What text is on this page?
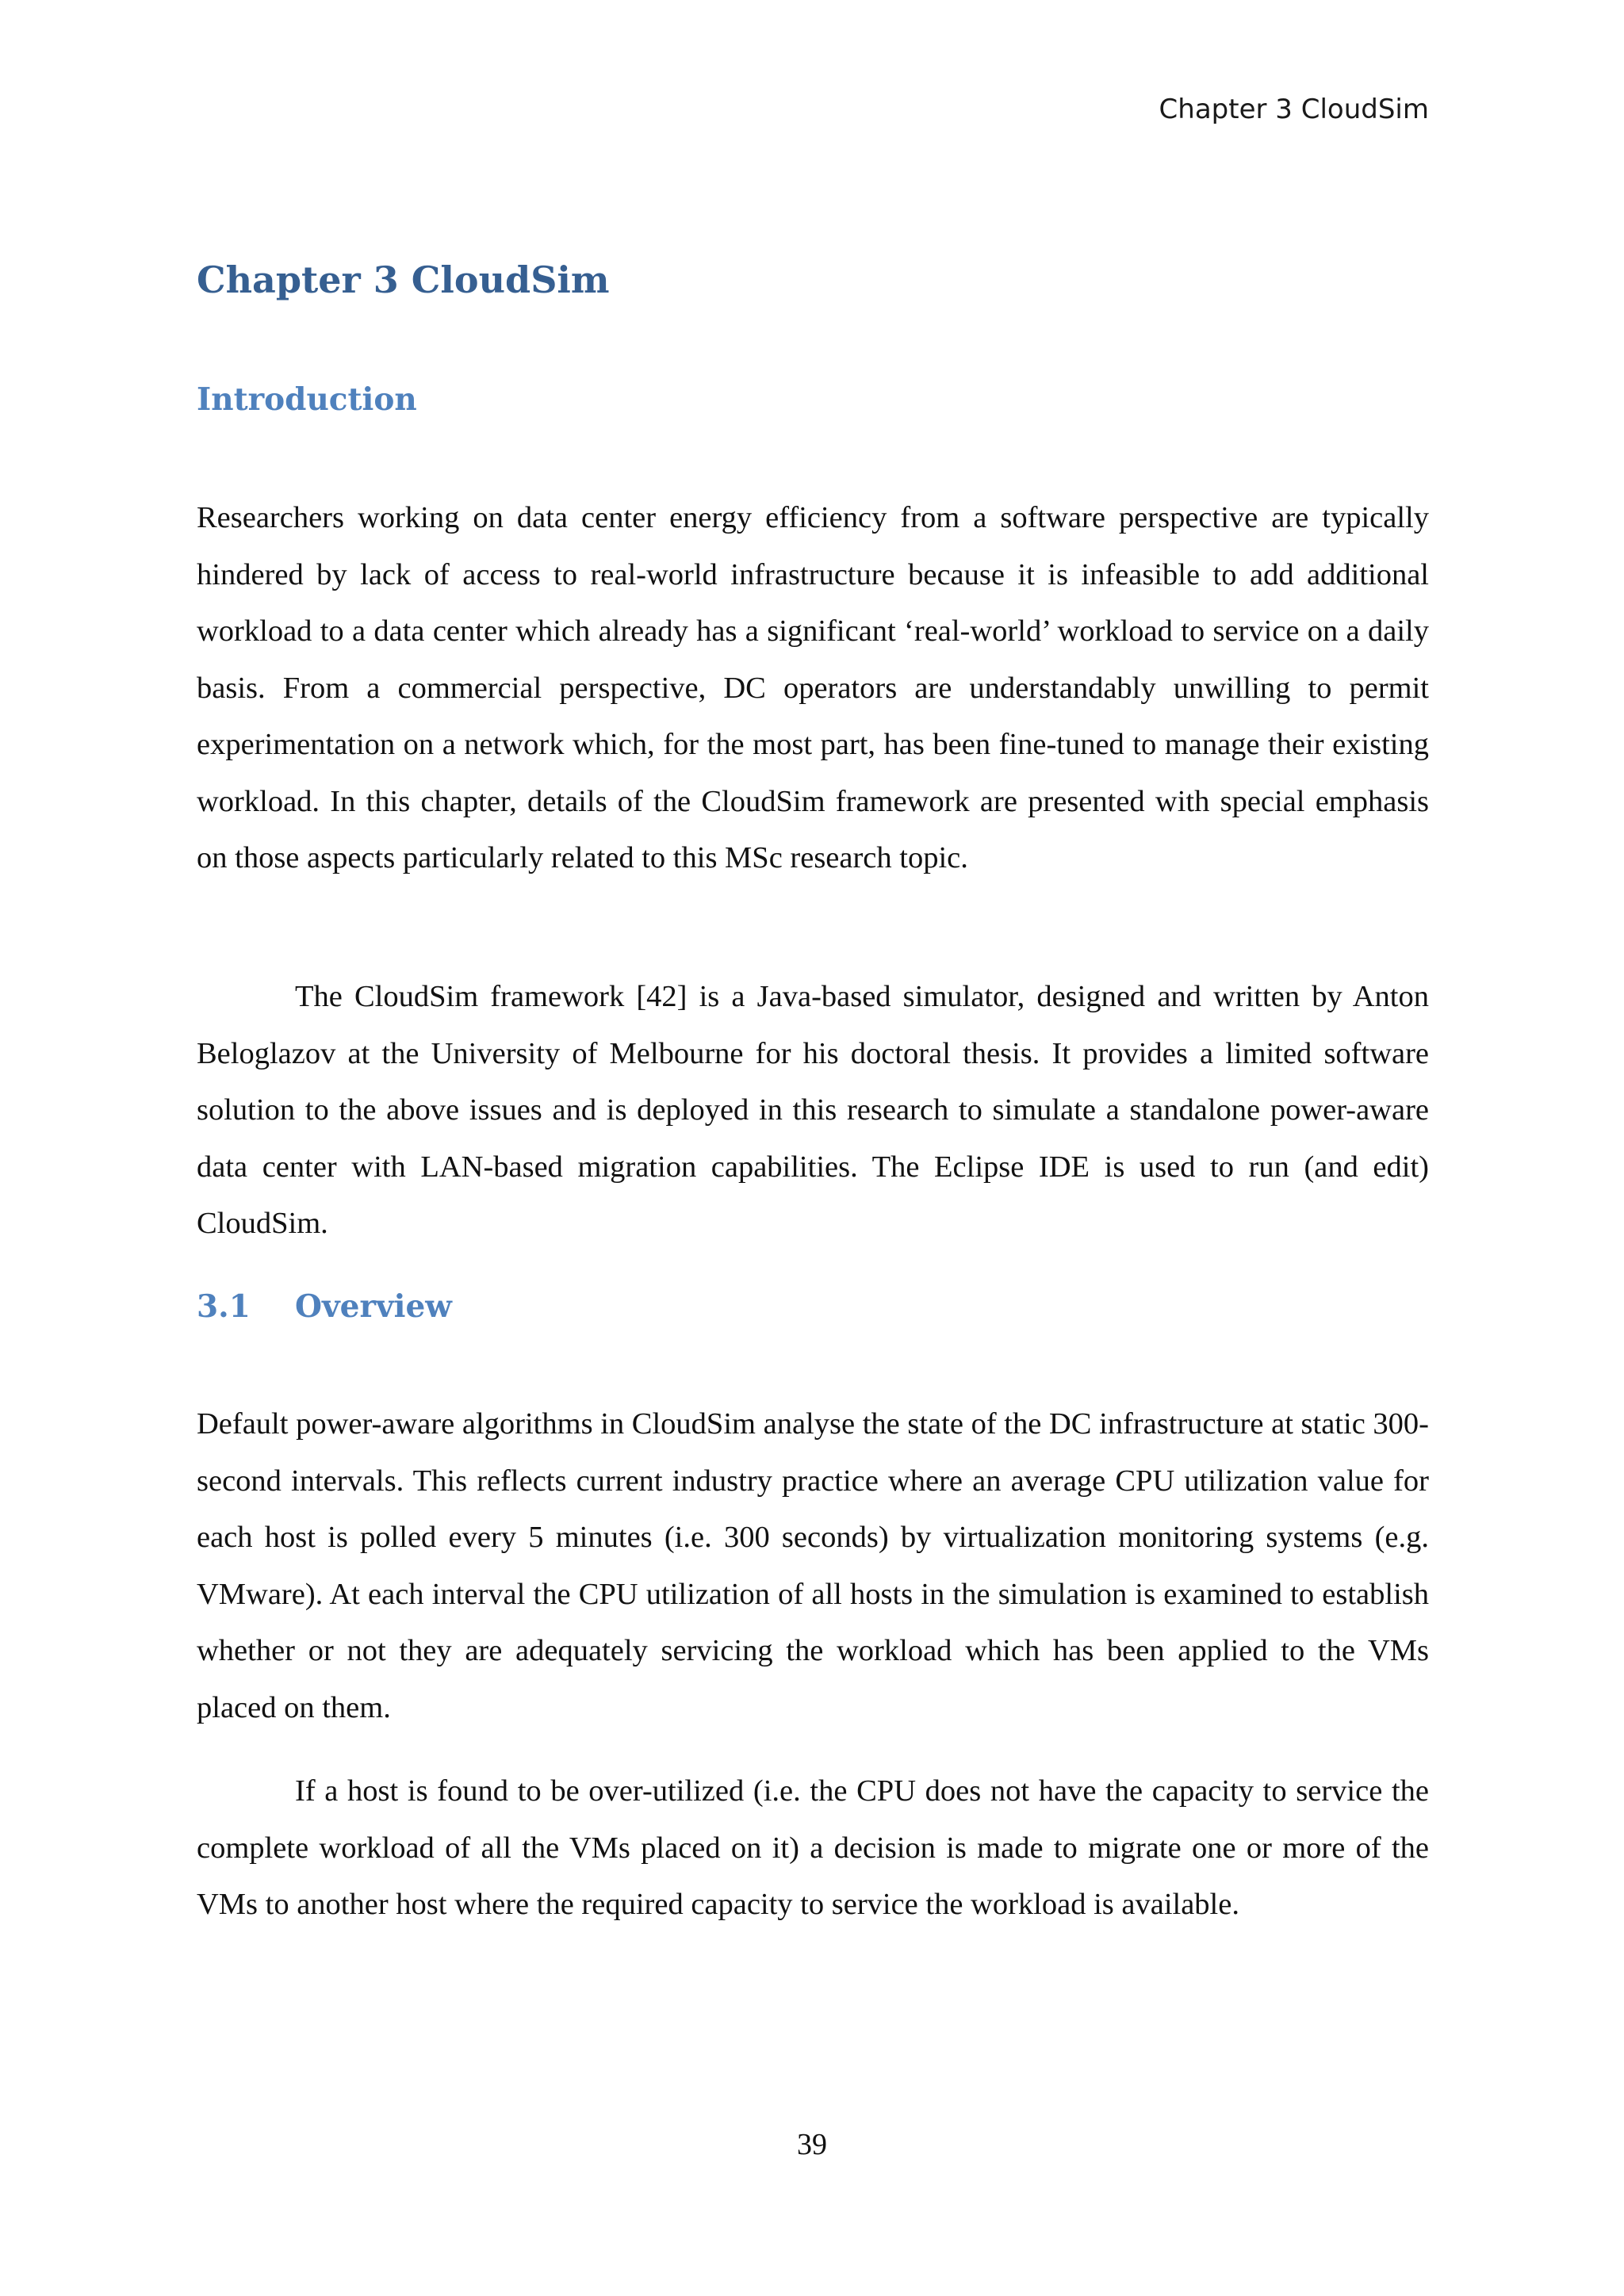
Chapter 3 CloudSim
Chapter 3 CloudSim
Introduction

Researchers working on data center energy efficiency from a software perspective are typically hindered by lack of access to real-world infrastructure because it is infeasible to add additional workload to a data center which already has a significant ‘real-world’ workload to service on a daily basis. From a commercial perspective, DC operators are understandably unwilling to permit experimentation on a network which, for the most part, has been fine-tuned to manage their existing workload. In this chapter, details of the CloudSim framework are presented with special emphasis on those aspects particularly related to this MSc research topic.

The CloudSim framework [42] is a Java-based simulator, designed and written by Anton Beloglazov at the University of Melbourne for his doctoral thesis. It provides a limited software solution to the above issues and is deployed in this research to simulate a standalone power-aware data center with LAN-based migration capabilities. The Eclipse IDE is used to run (and edit) CloudSim.

3.1 Overview

Default power-aware algorithms in CloudSim analyse the state of the DC infrastructure at static 300-second intervals. This reflects current industry practice where an average CPU utilization value for each host is polled every 5 minutes (i.e. 300 seconds) by virtualization monitoring systems (e.g. VMware). At each interval the CPU utilization of all hosts in the simulation is examined to establish whether or not they are adequately servicing the workload which has been applied to the VMs placed on them.

If a host is found to be over-utilized (i.e. the CPU does not have the capacity to service the complete workload of all the VMs placed on it) a decision is made to migrate one or more of the VMs to another host where the required capacity to service the workload is available.

39
